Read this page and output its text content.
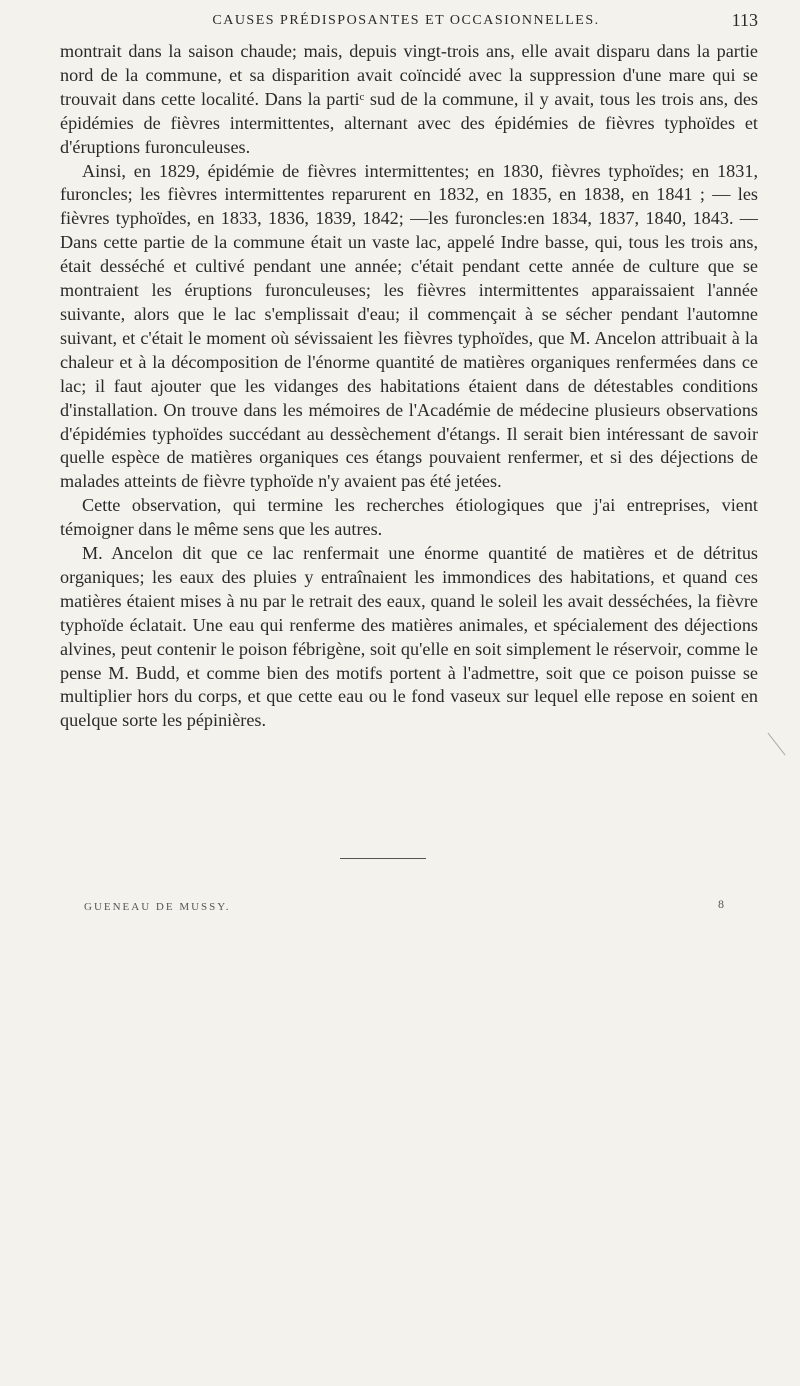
CAUSES PRÉDISPOSANTES ET OCCASIONNELLES.	113

montrait dans la saison chaude; mais, depuis vingt-trois ans, elle avait disparu dans la partie nord de la commune, et sa disparition avait coïncidé avec la suppression d'une mare qui se trouvait dans cette localité. Dans la partiᶜ sud de la commune, il y avait, tous les trois ans, des épidémies de fièvres intermittentes, alternant avec des épidémies de fièvres typhoïdes et d'éruptions furonculeuses.

Ainsi, en 1829, épidémie de fièvres intermittentes; en 1830, fièvres typhoïdes; en 1831, furoncles; les fièvres intermittentes reparurent en 1832, en 1835, en 1838, en 1841 ; — les fièvres typhoïdes, en 1833, 1836, 1839, 1842; —les furoncles:en 1834, 1837, 1840, 1843. —Dans cette partie de la commune était un vaste lac, appelé Indre basse, qui, tous les trois ans, était desséché et cultivé pendant une année; c'était pendant cette année de culture que se montraient les éruptions furonculeuses; les fièvres intermittentes apparaissaient l'année suivante, alors que le lac s'emplissait d'eau; il commençait à se sécher pendant l'automne suivant, et c'était le moment où sévissaient les fièvres typhoïdes, que M. Ancelon attribuait à la chaleur et à la décomposition de l'énorme quantité de matières organiques renfermées dans ce lac; il faut ajouter que les vidanges des habitations étaient dans de détestables conditions d'installation. On trouve dans les mémoires de l'Académie de médecine plusieurs observations d'épidémies typhoïdes succédant au dessèchement d'étangs. Il serait bien intéressant de savoir quelle espèce de matières organiques ces étangs pouvaient renfermer, et si des déjections de malades atteints de fièvre typhoïde n'y avaient pas été jetées.

Cette observation, qui termine les recherches étiologiques que j'ai entreprises, vient témoigner dans le même sens que les autres.

M. Ancelon dit que ce lac renfermait une énorme quantité de matières et de détritus organiques; les eaux des pluies y entraînaient les immondices des habitations, et quand ces matières étaient mises à nu par le retrait des eaux, quand le soleil les avait desséchées, la fièvre typhoïde éclatait. Une eau qui renferme des matières animales, et spécialement des déjections alvines, peut contenir le poison fébrigène, soit qu'elle en soit simplement le réservoir, comme le pense M. Budd, et comme bien des motifs portent à l'admettre, soit que ce poison puisse se multiplier hors du corps, et que cette eau ou le fond vaseux sur lequel elle repose en soient en quelque sorte les pépinières.

GUENEAU DE MUSSY.	8
